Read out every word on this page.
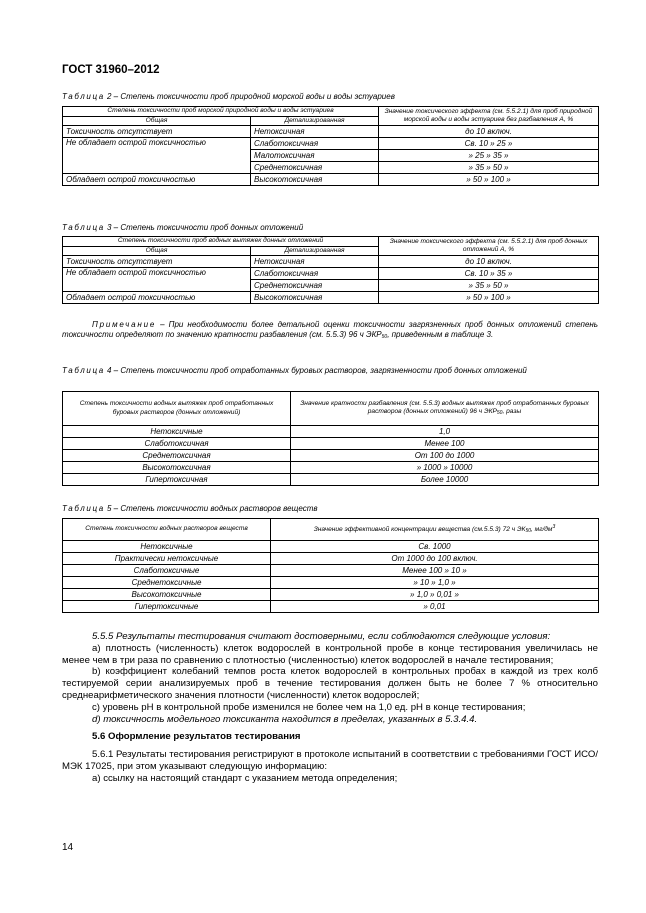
ГОСТ 31960–2012
Таблица 2 – Степень токсичности проб природной морской воды и воды эстуариев
Степень токсичности проб морской природной воды и воды эстуариев		Значение токсического эффекта (см. 5.5.2.1) для проб природной морской воды и воды эстуариев без разбавления А, %
Общая	Детализированная	
Токсичность отсутствует	Нетоксичная	до 10 включ.
Не обладает острой токсичностью	Слаботоксичная	Св. 10 » 25 »
	Малотоксичная	» 25 » 35 »
	Среднетоксичная	» 35 » 50 »
Обладает острой токсичностью	Высокотоксичная	» 50 » 100 »
Таблица 3 – Степень токсичности проб донных отложений
Степень токсичности проб водных вытяжек донных отложений		Значение токсического эффекта (см. 5.5.2.1) для проб донных отложений А, %
Общая	Детализированная	
Токсичность отсутствует	Нетоксичная	до 10 включ.
Не обладает острой токсичностью	Слаботоксичная	Св. 10 » 35 »
	Среднетоксичная	» 35 » 50 »
Обладает острой токсичностью	Высокотоксичная	» 50 » 100 »
Примечание – При необходимости более детальной оценки токсичности загрязненных проб донных отложений степень токсичности определяют по значению кратности разбавления (см. 5.5.3) 96 ч $ЭКР_{50}$, приведенным в таблице 3.
Таблица 4 – Степень токсичности проб отработанных буровых растворов, загрязненности проб донных отложений
Степень токсичности водных вытяжек проб отработанных буровых растворов (донных отложений)	Значение кратности разбавления (см. 5.5.3) водных вытяжек проб отработанных буровых растворов (донных отложений) 96 ч $ЭКР_{50}$, разы
Нетоксичные	1,0
Слаботоксичная	Менее 100
Среднетоксичная	От 100 до 1000
Высокотоксичная	» 1000 » 10000
Гипертоксичная	Более 10000
Таблица 5 – Степень токсичности водных растворов веществ
Степень токсичности водных растворов веществ	Значение эффективной концентрации вещества (см.5.5.3) 72 ч $ЭК_{50}$, $мг/дм^3$
Нетоксичные	Св. 1000
Практически нетоксичные	От 1000 до 100 включ.
Слаботоксичные	Менее 100 » 10 »
Среднетоксичные	» 10 » 1,0 »
Высокотоксичные	» 1,0 » 0,01 »
Гипертоксичные	» 0,01

5.5.5 Результаты тестирования считают достоверными, если соблюдаются следующие условия:

а) плотность (численность) клеток водорослей в контрольной пробе в конце тестирования увеличилась не менее чем в три раза по сравнению с плотностью (численностью) клеток водорослей в начале тестирования;

b) коэффициент колебаний темпов роста клеток водорослей в контрольных пробах в каждой из трех колб тестируемой серии анализируемых проб в течение тестирования должен быть не более 7 % относительно среднеарифметического значения плотности (численности) клеток водорослей;

с) уровень рН в контрольной пробе изменился не более чем на 1,0 ед. рН в конце тестирования;

d) токсичность модельного токсиканта находится в пределах, указанных в 5.3.4.4.

5.6 Оформление результатов тестирования

5.6.1 Результаты тестирования регистрируют в протоколе испытаний в соответствии с требованиями ГОСТ ИСО/МЭК 17025, при этом указывают следующую информацию:

а) ссылку на настоящий стандарт с указанием метода определения;

14
